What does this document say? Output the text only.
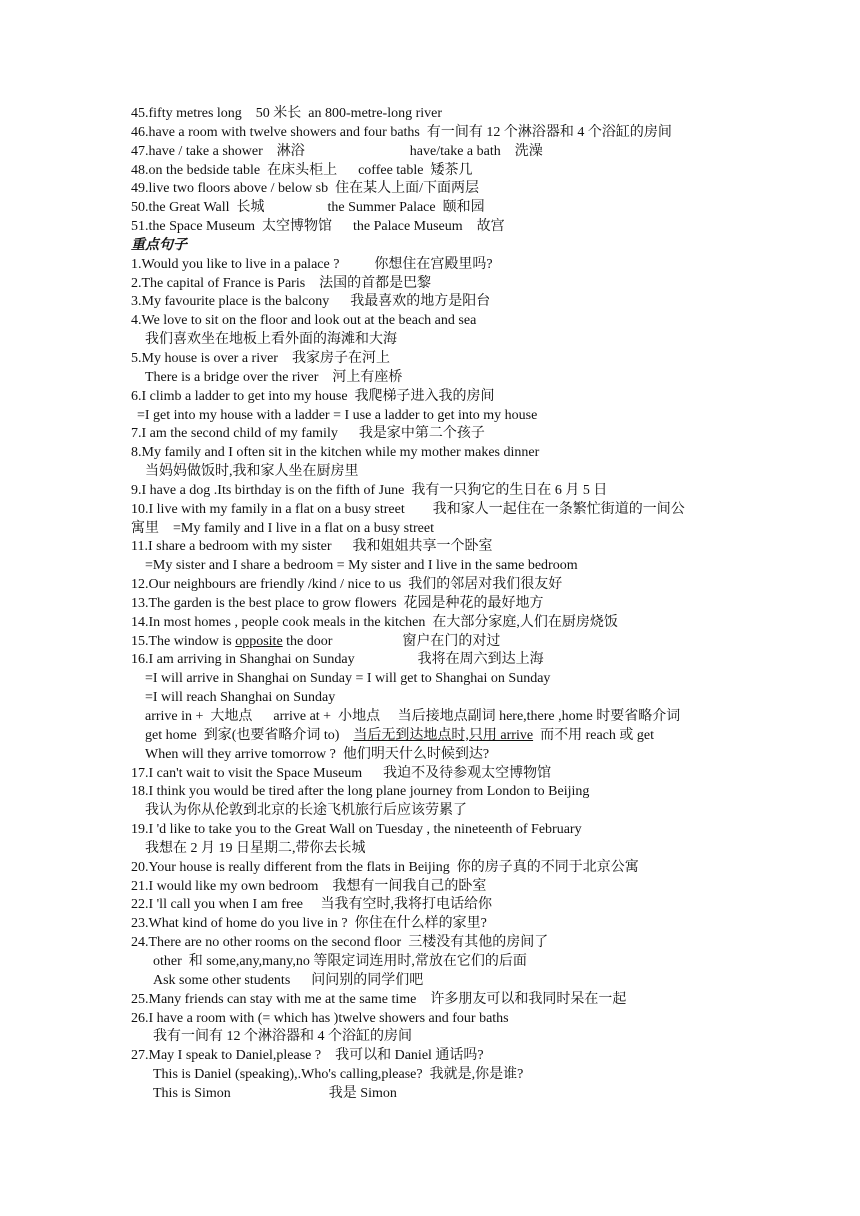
45.fifty metres long    50 米长  an 800-metre-long river
46.have a room with twelve showers and four baths  有一间有 12 个淋浴器和 4 个浴缸的房间
47.have / take a shower    淋浴                              have/take a bath    洗澡
48.on the bedside table  在床头柜上      coffee table  矮茶几
49.live two floors above / below sb  住在某人上面/下面两层
50.the Great Wall  长城                  the Summer Palace  颐和园
51.the Space Museum  太空博物馆      the Palace Museum    故宫
重点句子
1.Would you like to live in a palace ?          你想住在宫殿里吗?
2.The capital of France is Paris    法国的首都是巴黎
3.My favourite place is the balcony      我最喜欢的地方是阳台
4.We love to sit on the floor and look out at the beach and sea
我们喜欢坐在地板上看外面的海滩和大海
5.My house is over a river    我家房子在河上
There is a bridge over the river    河上有座桥
6.I climb a ladder to get into my house  我爬梯子进入我的房间
=I get into my house with a ladder = I use a ladder to get into my house
7.I am the second child of my family      我是家中第二个孩子
8.My family and I often sit in the kitchen while my mother makes dinner
当妈妈做饭时,我和家人坐在厨房里
9.I have a dog .Its birthday is on the fifth of June  我有一只狗它的生日在 6 月 5 日
10.I live with my family in a flat on a busy street        我和家人一起住在一条繁忙街道的一间公
寓里    =My family and I live in a flat on a busy street
11.I share a bedroom with my sister      我和姐姐共享一个卧室
=My sister and I share a bedroom = My sister and I live in the same bedroom
12.Our neighbours are friendly /kind / nice to us  我们的邻居对我们很友好
13.The garden is the best place to grow flowers  花园是种花的最好地方
14.In most homes , people cook meals in the kitchen  在大部分家庭,人们在厨房烧饭
15.The window is opposite the door                    窗户在门的对过
16.I am arriving in Shanghai on Sunday                  我将在周六到达上海
=I will arrive in Shanghai on Sunday = I will get to Shanghai on Sunday
=I will reach Shanghai on Sunday
arrive in +  大地点      arrive at +  小地点     当后接地点副词 here,there ,home 时要省略介词
get home  到家(也要省略介词 to)    当后无到达地点时,只用 arrive  而不用 reach 或 get
When will they arrive tomorrow ?  他们明天什么时候到达?
17.I can't wait to visit the Space Museum      我迫不及待参观太空博物馆
18.I think you would be tired after the long plane journey from London to Beijing
我认为你从伦敦到北京的长途飞机旅行后应该劳累了
19.I 'd like to take you to the Great Wall on Tuesday , the nineteenth of February
我想在 2 月 19 日星期二,带你去长城
20.Your house is really different from the flats in Beijing  你的房子真的不同于北京公寓
21.I would like my own bedroom    我想有一间我自己的卧室
22.I 'll call you when I am free     当我有空时,我将打电话给你
23.What kind of home do you live in ?  你住在什么样的家里?
24.There are no other rooms on the second floor  三楼没有其他的房间了
other  和 some,any,many,no 等限定词连用时,常放在它们的后面
Ask some other students      问问别的同学们吧
25.Many friends can stay with me at the same time    许多朋友可以和我同时呆在一起
26.I have a room with (= which has )twelve showers and four baths
我有一间有 12 个淋浴器和 4 个浴缸的房间
27.May I speak to Daniel,please ?    我可以和 Daniel 通话吗?
This is Daniel (speaking),.Who's calling,please?  我就是,你是谁?
This is Simon                            我是 Simon
